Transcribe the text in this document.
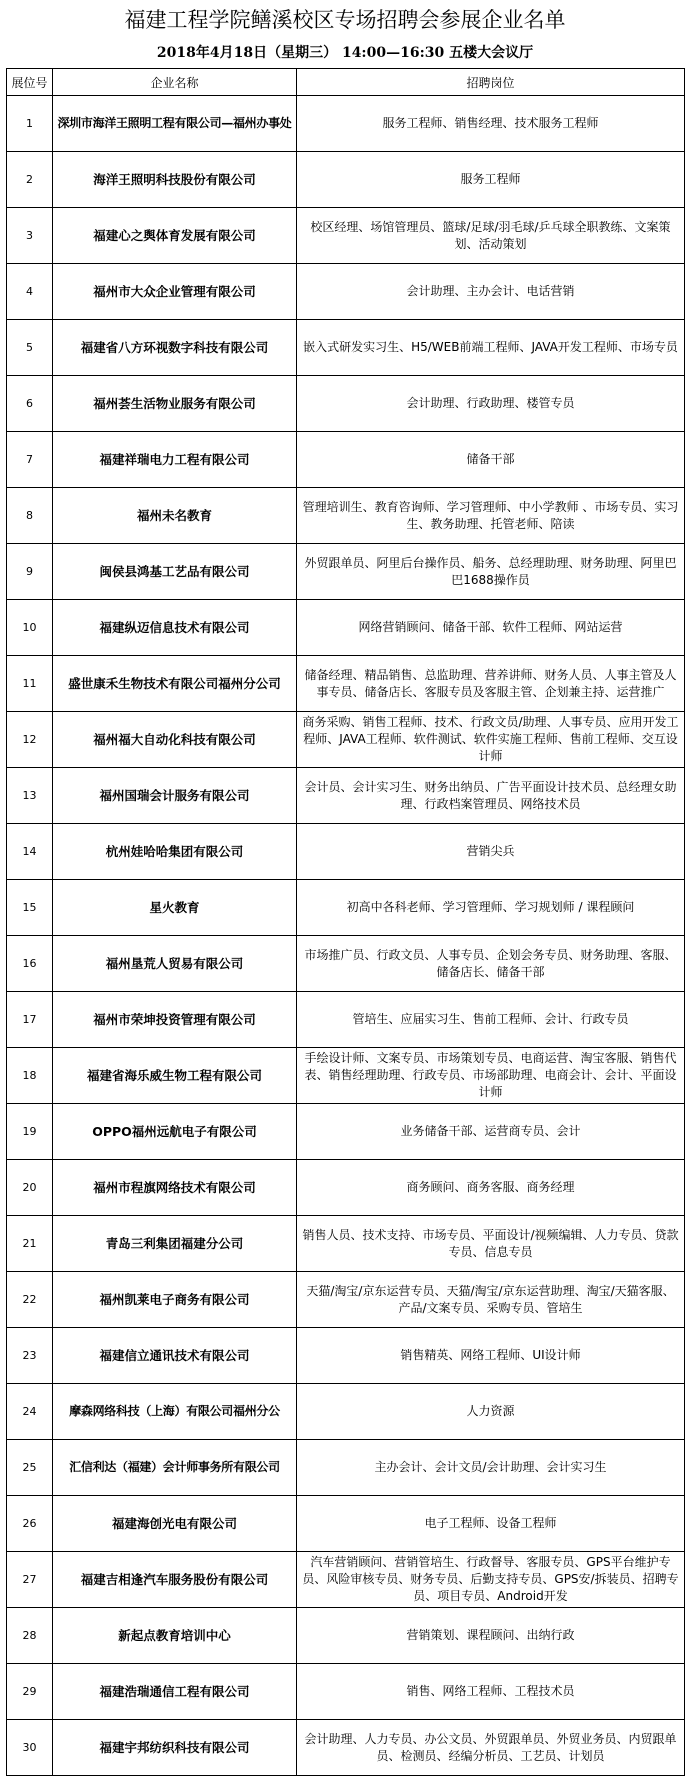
福建工程学院鳝溪校区专场招聘会参展企业名单
2018年4月18日（星期三） 14:00—16:30 五楼大会议厅
展位号	企业名称	招聘岗位
1	深圳市海洋王照明工程有限公司—福州办事处	服务工程师、销售经理、技术服务工程师
2	海洋王照明科技股份有限公司	服务工程师
3	福建心之舆体育发展有限公司	校区经理、场馆管理员、篮球/足球/羽毛球/乒乓球全职教练、文案策划、活动策划
4	福州市大众企业管理有限公司	会计助理、主办会计、电话营销
5	福建省八方环视数字科技有限公司	嵌入式研发实习生、H5/WEB前端工程师、JAVA开发工程师、市场专员
6	福州荟生活物业服务有限公司	会计助理、行政助理、楼管专员
7	福建祥瑞电力工程有限公司	储备干部
8	福州未名教育	管理培训生、教育咨询师、学习管理师、中小学教师 、市场专员、实习生、教务助理、托管老师、陪读
9	闽侯县鸿基工艺品有限公司	外贸跟单员、阿里后台操作员、船务、总经理助理、财务助理、阿里巴巴1688操作员
10	福建纵迈信息技术有限公司	网络营销顾问、储备干部、软件工程师、网站运营
11	盛世康禾生物技术有限公司福州分公司	储备经理、精品销售、总监助理、营养讲师、财务人员、人事主管及人事专员、储备店长、客服专员及客服主管、企划兼主持、运营推广
12	福州福大自动化科技有限公司	商务采购、销售工程师、技术、行政文员/助理、人事专员、应用开发工程师、JAVA工程师、软件测试、软件实施工程师、售前工程师、交互设计师
13	福州国瑞会计服务有限公司	会计员、会计实习生、财务出纳员、广告平面设计技术员、总经理女助理、行政档案管理员、网络技术员
14	杭州娃哈哈集团有限公司	营销尖兵
15	星火教育	初高中各科老师、学习管理师、学习规划师 / 课程顾问
16	福州垦荒人贸易有限公司	市场推广员、行政文员、人事专员、企划会务专员、财务助理、客服、储备店长、储备干部
17	福州市荣坤投资管理有限公司	管培生、应届实习生、售前工程师、会计、行政专员
18	福建省海乐威生物工程有限公司	手绘设计师、文案专员、市场策划专员、电商运营、淘宝客服、销售代表、销售经理助理、行政专员、市场部助理、电商会计、会计、平面设计师
19	OPPO福州远航电子有限公司	业务储备干部、运营商专员、会计
20	福州市程旗网络技术有限公司	商务顾问、商务客服、商务经理
21	青岛三利集团福建分公司	销售人员、技术支持、市场专员、平面设计/视频编辑、人力专员、贷款专员、信息专员
22	福州凯莱电子商务有限公司	天猫/淘宝/京东运营专员、天猫/淘宝/京东运营助理、淘宝/天猫客服、产品/文案专员、采购专员、管培生
23	福建信立通讯技术有限公司	销售精英、网络工程师、UI设计师
24	摩森网络科技（上海）有限公司福州分公	人力资源
25	汇信利达（福建）会计师事务所有限公司	主办会计、会计文员/会计助理、会计实习生
26	福建海创光电有限公司	电子工程师、设备工程师
27	福建吉相逢汽车服务股份有限公司	汽车营销顾问、营销管培生、行政督导、客服专员、GPS平台维护专员、风险审核专员、财务专员、后勤支持专员、GPS安/拆装员、招聘专员、项目专员、Android开发
28	新起点教育培训中心	营销策划、课程顾问、出纳行政
29	福建浩瑞通信工程有限公司	销售、网络工程师、工程技术员
30	福建宇邦纺织科技有限公司	会计助理、人力专员、办公文员、外贸跟单员、外贸业务员、内贸跟单员、检测员、经编分析员、工艺员、计划员
